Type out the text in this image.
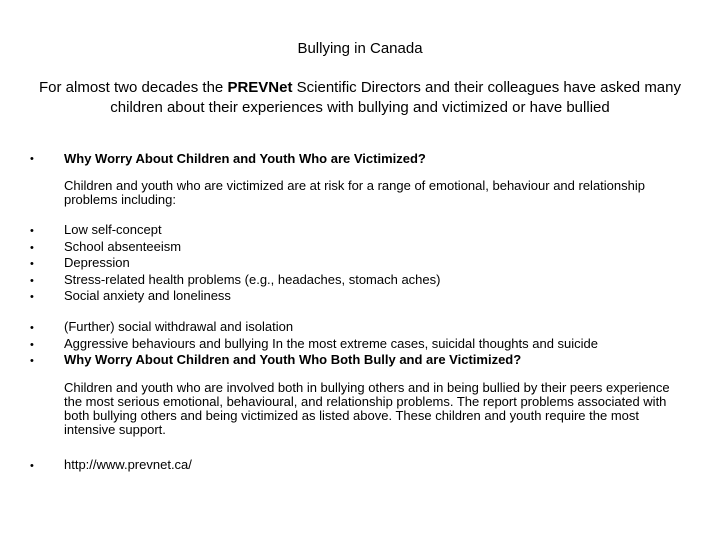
Bullying in Canada
For almost two decades the PREVNet Scientific Directors and their colleagues have asked many children about their experiences with bullying and victimized or have bullied
• Why Worry About Children and Youth Who are Victimized?
Children and youth who are victimized are at risk for a range of emotional, behaviour and relationship problems including:
• Low self-concept
• School absenteeism
• Depression
• Stress-related health problems (e.g., headaches, stomach aches)
• Social anxiety and loneliness
• (Further) social withdrawal and isolation
• Aggressive behaviours and bullying In the most extreme cases, suicidal thoughts and suicide
• Why Worry About Children and Youth Who Both Bully and are Victimized?
Children and youth who are involved both in bullying others and in being bullied by their peers experience the most serious emotional, behavioural, and relationship problems. The report problems associated with both bullying others and being victimized as listed above. These children and youth require the most intensive support.
• http://www.prevnet.ca/
